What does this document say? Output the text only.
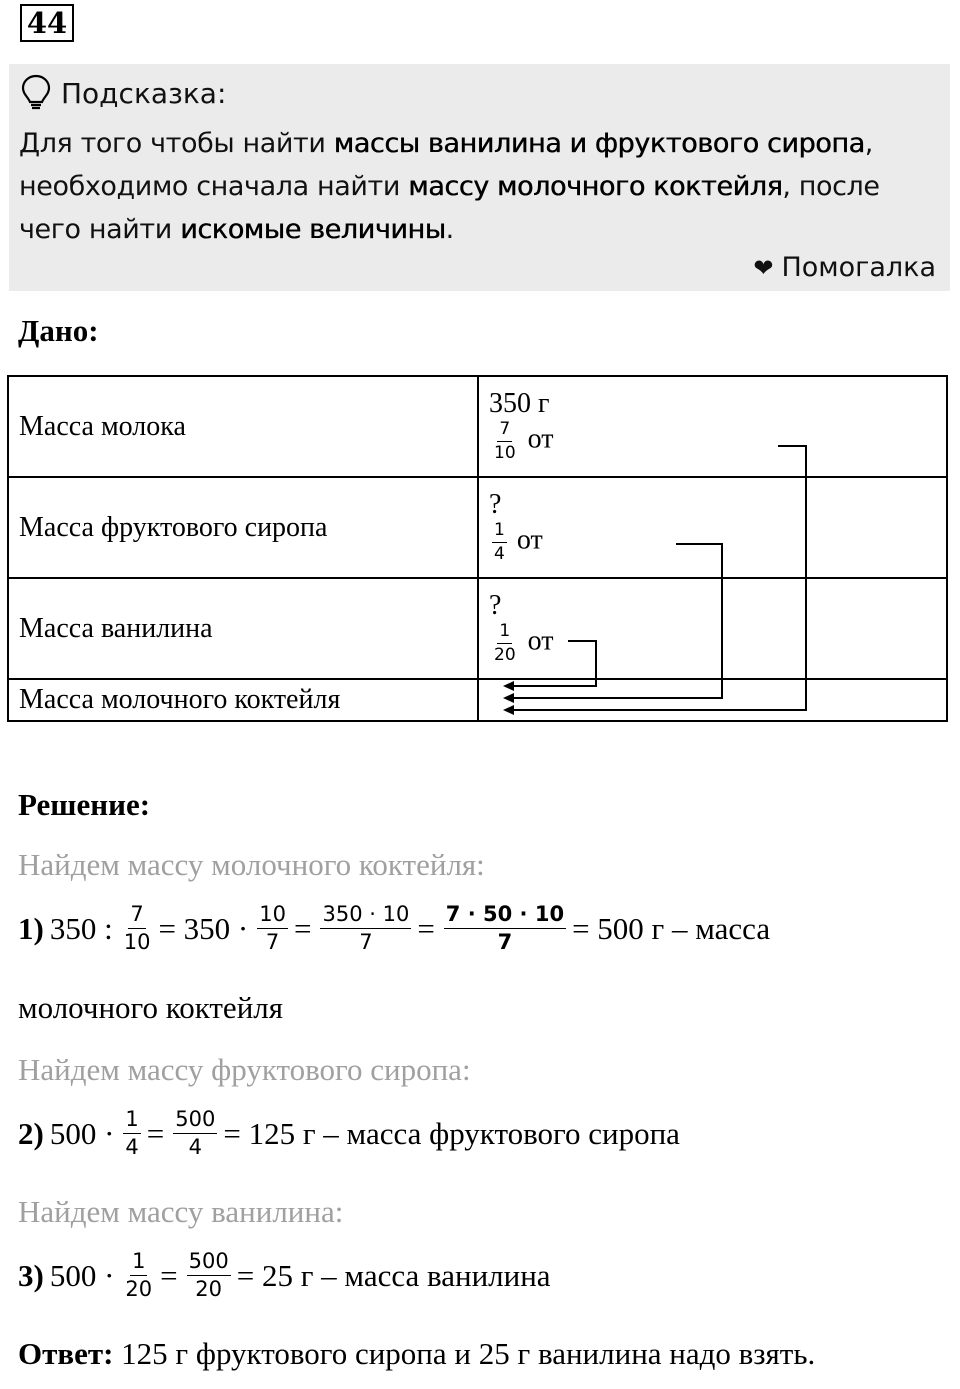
44
Подсказка:
Для того чтобы найти массы ванилина и фруктового сиропа, необходимо сначала найти массу молочного коктейля, после чего найти искомые величины.
❤ Помогалка
Дано:
Масса молока	350 г
$\frac{7}{10}$ от

Масса фруктового сиропа	?
$\frac{1}{4}$ от

Масса ванилина	?
$\frac{1}{20}$ от

Масса молочного коктейля	
Решение:
Найдем массу молочного коктейля:
1) 350 : $\frac{7}{10} = 350 \cdot \frac{10}{7} = \frac{350 \cdot 10}{7} = \frac{7 \cdot 50 \cdot 10}{7} = 500$ г – масса
молочного коктейля
Найдем массу фруктового сиропа:
2) $500 \cdot \frac{1}{4} = \frac{500}{4} = 125$ г – масса фруктового сиропа
Найдем массу ванилина:
3) $500 \cdot \frac{1}{20} = \frac{500}{20} = 25$ г – масса ванилина
Ответ: 125 г фруктового сиропа и 25 г ванилина надо взять.
